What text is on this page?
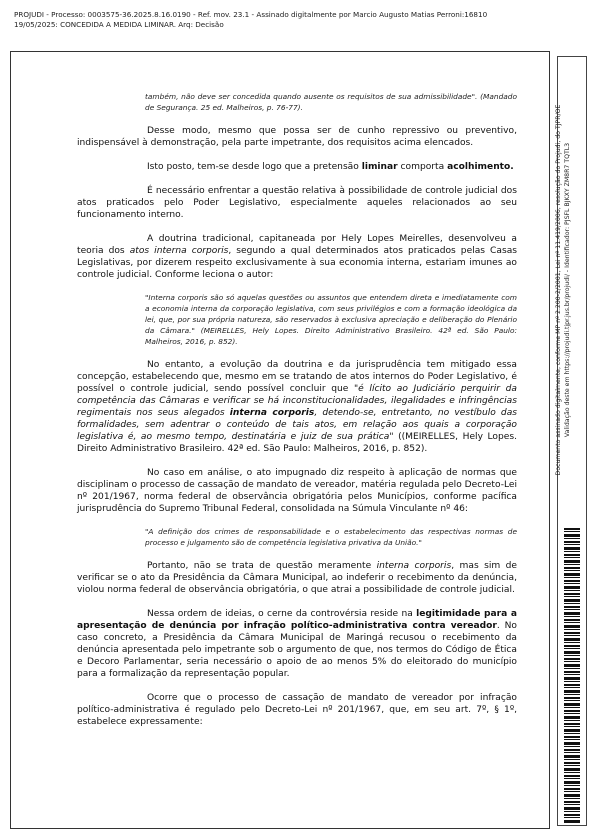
PROJUDI - Processo: 0003575-36.2025.8.16.0190 - Ref. mov. 23.1 - Assinado digitalmente por Marcio Augusto Matias Perroni:16810
19/05/2025: CONCEDIDA A MEDIDA LIMINAR. Arq: Decisão

também, não deve ser concedida quando ausente os requisitos de sua admissibilidade". (Mandado de Segurança. 25 ed. Malheiros, p. 76-77).

Desse modo, mesmo que possa ser de cunho repressivo ou preventivo, indispensável à demonstração, pela parte impetrante, dos requisitos acima elencados.

Isto posto, tem-se desde logo que a pretensão liminar comporta acolhimento.

É necessário enfrentar a questão relativa à possibilidade de controle judicial dos atos praticados pelo Poder Legislativo, especialmente aqueles relacionados ao seu funcionamento interno.

A doutrina tradicional, capitaneada por Hely Lopes Meirelles, desenvolveu a teoria dos atos interna corporis, segundo a qual determinados atos praticados pelas Casas Legislativas, por dizerem respeito exclusivamente à sua economia interna, estariam imunes ao controle judicial. Conforme leciona o autor:

"Interna corporis são só aquelas questões ou assuntos que entendem direta e imediatamente com a economia interna da corporação legislativa, com seus privilégios e com a formação ideológica da lei, que, por sua própria natureza, são reservados à exclusiva apreciação e deliberação do Plenário da Câmara." (MEIRELLES, Hely Lopes. Direito Administrativo Brasileiro. 42ª ed. São Paulo: Malheiros, 2016, p. 852).

No entanto, a evolução da doutrina e da jurisprudência tem mitigado essa concepção, estabelecendo que, mesmo em se tratando de atos internos do Poder Legislativo, é possível o controle judicial, sendo possível concluir que "é lícito ao Judiciário perquirir da competência das Câmaras e verificar se há inconstitucionalidades, ilegalidades e infringências regimentais nos seus alegados interna corporis, detendo-se, entretanto, no vestíbulo das formalidades, sem adentrar o conteúdo de tais atos, em relação aos quais a corporação legislativa é, ao mesmo tempo, destinatária e juiz de sua prática" ((MEIRELLES, Hely Lopes. Direito Administrativo Brasileiro. 42ª ed. São Paulo: Malheiros, 2016, p. 852).

No caso em análise, o ato impugnado diz respeito à aplicação de normas que disciplinam o processo de cassação de mandato de vereador, matéria regulada pelo Decreto-Lei nº 201/1967, norma federal de observância obrigatória pelos Municípios, conforme pacífica jurisprudência do Supremo Tribunal Federal, consolidada na Súmula Vinculante nº 46:

"A definição dos crimes de responsabilidade e o estabelecimento das respectivas normas de processo e julgamento são de competência legislativa privativa da União."

Portanto, não se trata de questão meramente interna corporis, mas sim de verificar se o ato da Presidência da Câmara Municipal, ao indeferir o recebimento da denúncia, violou norma federal de observância obrigatória, o que atrai a possibilidade de controle judicial.

Nessa ordem de ideias, o cerne da controvérsia reside na legitimidade para a apresentação de denúncia por infração político-administrativa contra vereador. No caso concreto, a Presidência da Câmara Municipal de Maringá recusou o recebimento da denúncia apresentada pelo impetrante sob o argumento de que, nos termos do Código de Ética e Decoro Parlamentar, seria necessário o apoio de ao menos 5% do eleitorado do município para a formalização da representação popular.

Ocorre que o processo de cassação de mandato de vereador por infração político-administrativa é regulado pelo Decreto-Lei nº 201/1967, que, em seu art. 7º, § 1º, estabelece expressamente:

Documento assinado digitalmente, conforme MP nº 2.200-2/2001, Lei nº 11.419/2006, resolução do Projudi, do TJPR/OE Validação deste em https://projudi.tjpr.jus.br/projudi/ - Identificador: PJSFL BJKXY ZM8R7 TQTL3
